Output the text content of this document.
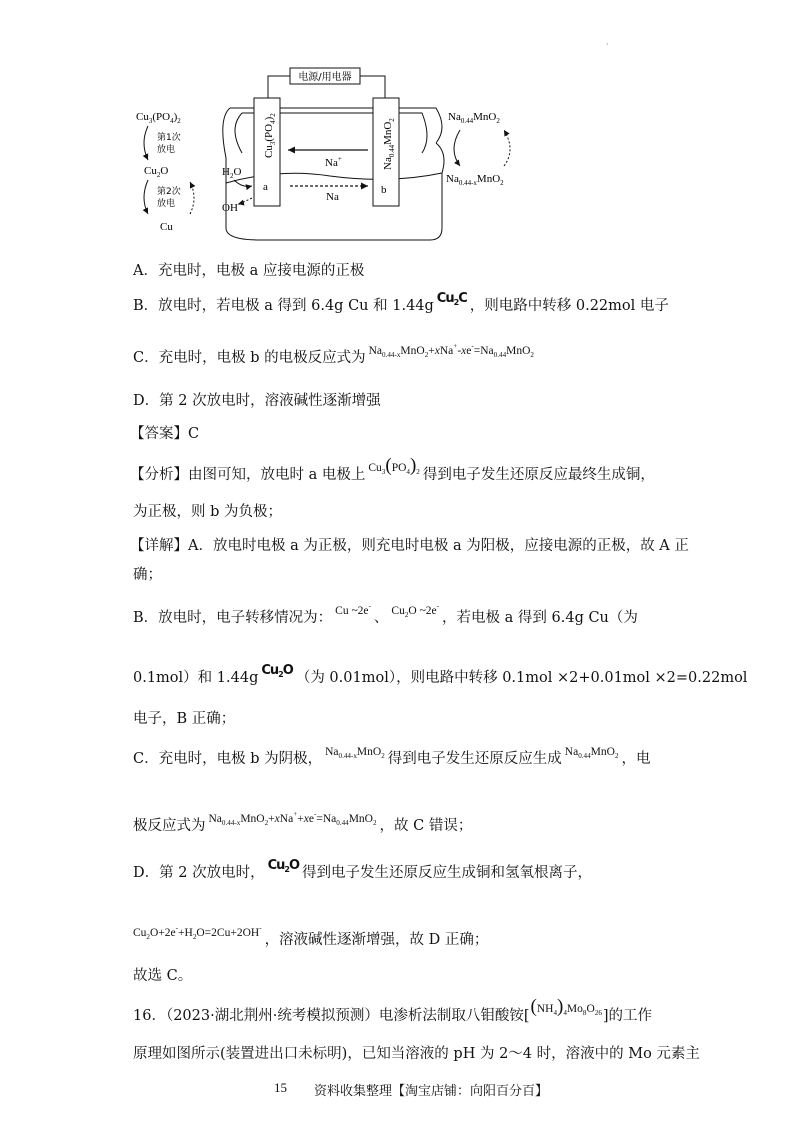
·
电源/用电器
$Cu_3(PO_4)_2$
$Na_{0.44}MnO_2$
a	b
Na+
Na
$H_2O$
OH-
$Cu_3(PO_4)_2$
第1次
放电
$Cu_2O$
第2次
放电
Cu
$Na_{0.44}MnO_2$
$Na_{0.44-x}MnO_2$
A．充电时，电极 a 应接电源的正极
B．放电时，若电极 a 得到 6.4g Cu 和 1.44g $Cu_2C$ ，则电路中转移 0.22mol 电子
C．充电时，电极 b 的电极反应式为 $^{Na_{0.44-x}MnO_2+xNa^+-xe^-=Na_{0.44}MnO_2}$
D．第 2 次放电时，溶液碱性逐渐增强
【答案】C
【分析】由图可知，放电时 a 电极上 $^{Cu_3(PO_4)_2}$ 得到电子发生还原反应最终生成铜，
为正极，则 b 为负极；
【详解】A．放电时电极 a 为正极，则充电时电极 a 为阳极，应接电源的正极，故 A 正
确；
B．放电时，电子转移情况为： $^{Cu \sim 2e^-}$、 $^{Cu_2O \sim 2e^-}$，若电极 a 得到 6.4g Cu（为
0.1mol）和 1.44g $Cu_2O$ （为 0.01mol），则电路中转移 0.1mol ×2+0.01mol ×2=0.22mol
电子，B 正确；
C．充电时，电极 b 为阴极， $^{Na_{0.44-x}MnO_2}$ 得到电子发生还原反应生成 $^{Na_{0.44}MnO_2}$ ，电
极反应式为 $^{Na_{0.44-x}MnO_2+xNa^++xe^-=Na_{0.44}MnO_2}$ ，故 C 错误；
D．第 2 次放电时， $Cu_2O$ 得到电子发生还原反应生成铜和氢氧根离子，
$^{Cu_2O+2e^-+H_2O=2Cu+2OH^-}$，溶液碱性逐渐增强，故 D 正确；
故选 C。
16．（2023·湖北荆州·统考模拟预测）电渗析法制取八钼酸铵[$^{(NH_4)_4Mo_8O_{26}}$]的工作
原理如图所示(装置进出口未标明)，已知当溶液的 pH 为 2～4 时，溶液中的 Mo 元素主
15 资料收集整理【淘宝店铺：向阳百分百】
